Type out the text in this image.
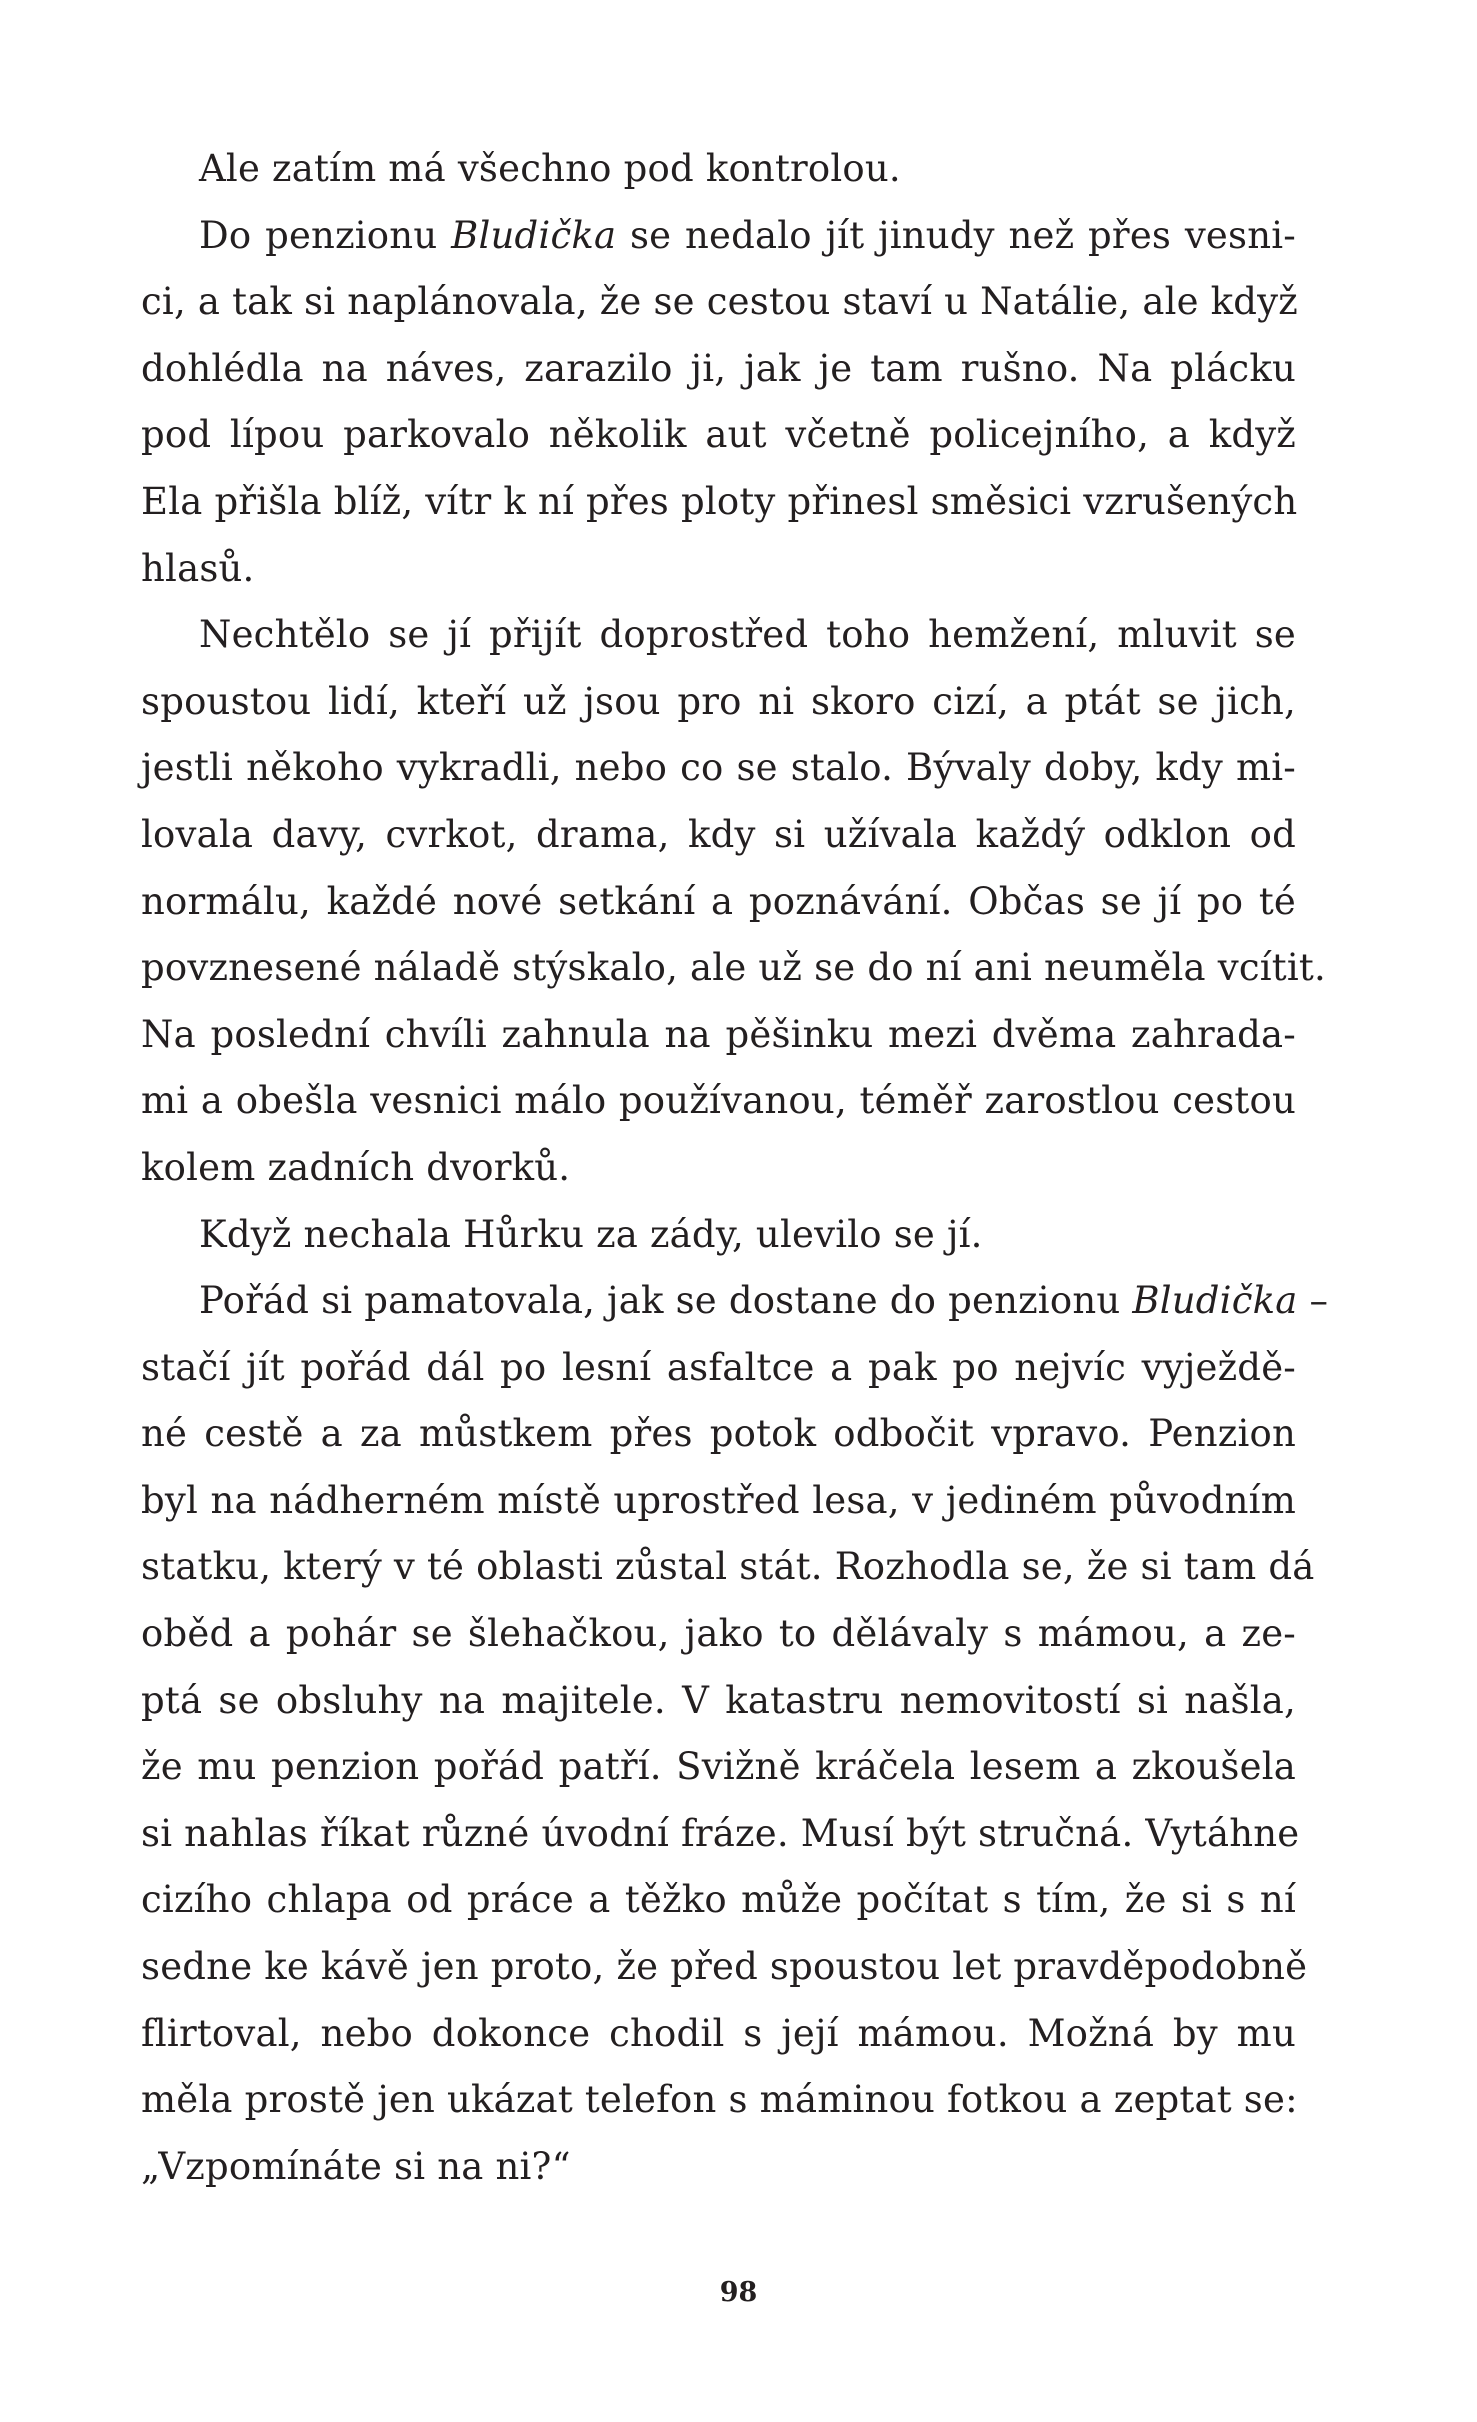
Ale zatím má všechno pod kontrolou.
Do penzionu Bludička se nedalo jít jinudy než přes vesni-
ci, a tak si naplánovala, že se cestou staví u Natálie, ale když
dohlédla na náves, zarazilo ji, jak je tam rušno. Na plácku
pod lípou parkovalo několik aut včetně policejního, a když
Ela přišla blíž, vítr k ní přes ploty přinesl směsici vzrušených
hlasů.
Nechtělo se jí přijít doprostřed toho hemžení, mluvit se
spoustou lidí, kteří už jsou pro ni skoro cizí, a ptát se jich,
jestli někoho vykradli, nebo co se stalo. Bývaly doby, kdy mi-
lovala davy, cvrkot, drama, kdy si užívala každý odklon od
normálu, každé nové setkání a poznávání. Občas se jí po té
povznesené náladě stýskalo, ale už se do ní ani neuměla vcítit.
Na poslední chvíli zahnula na pěšinku mezi dvěma zahrada-
mi a obešla vesnici málo používanou, téměř zarostlou cestou
kolem zadních dvorků.
Když nechala Hůrku za zády, ulevilo se jí.
Pořád si pamatovala, jak se dostane do penzionu Bludička –
stačí jít pořád dál po lesní asfaltce a pak po nejvíc vyježdě-
né cestě a za můstkem přes potok odbočit vpravo. Penzion
byl na nádherném místě uprostřed lesa, v jediném původním
statku, který v té oblasti zůstal stát. Rozhodla se, že si tam dá
oběd a pohár se šlehačkou, jako to dělávaly s mámou, a ze-
ptá se obsluhy na majitele. V katastru nemovitostí si našla,
že mu penzion pořád patří. Svižně kráčela lesem a zkoušela
si nahlas říkat různé úvodní fráze. Musí být stručná. Vytáhne
cizího chlapa od práce a těžko může počítat s tím, že si s ní
sedne ke kávě jen proto, že před spoustou let pravděpodobně
flirtoval, nebo dokonce chodil s její mámou. Možná by mu
měla prostě jen ukázat telefon s máminou fotkou a zeptat se:
„Vzpomínáte si na ni?“
98
